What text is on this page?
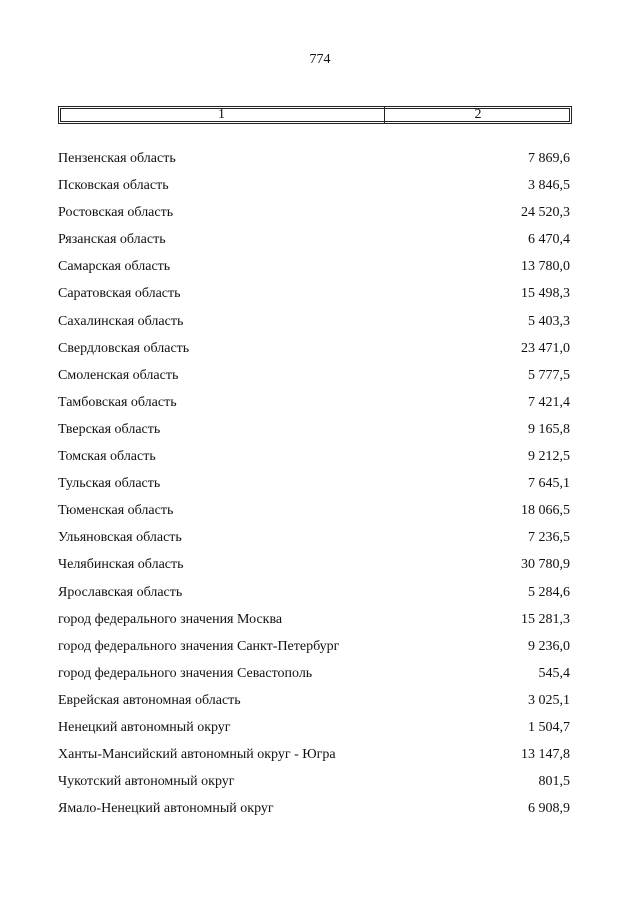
774
1	2
Пензенская область	7 869,6
Псковская область	3 846,5
Ростовская область	24 520,3
Рязанская область	6 470,4
Самарская область	13 780,0
Саратовская область	15 498,3
Сахалинская область	5 403,3
Свердловская область	23 471,0
Смоленская область	5 777,5
Тамбовская область	7 421,4
Тверская область	9 165,8
Томская область	9 212,5
Тульская область	7 645,1
Тюменская область	18 066,5
Ульяновская область	7 236,5
Челябинская область	30 780,9
Ярославская область	5 284,6
город федерального значения Москва	15 281,3
город федерального значения Санкт-Петербург	9 236,0
город федерального значения Севастополь	545,4
Еврейская автономная область	3 025,1
Ненецкий автономный округ	1 504,7
Ханты-Мансийский автономный округ - Югра	13 147,8
Чукотский автономный округ	801,5
Ямало-Ненецкий автономный округ	6 908,9
